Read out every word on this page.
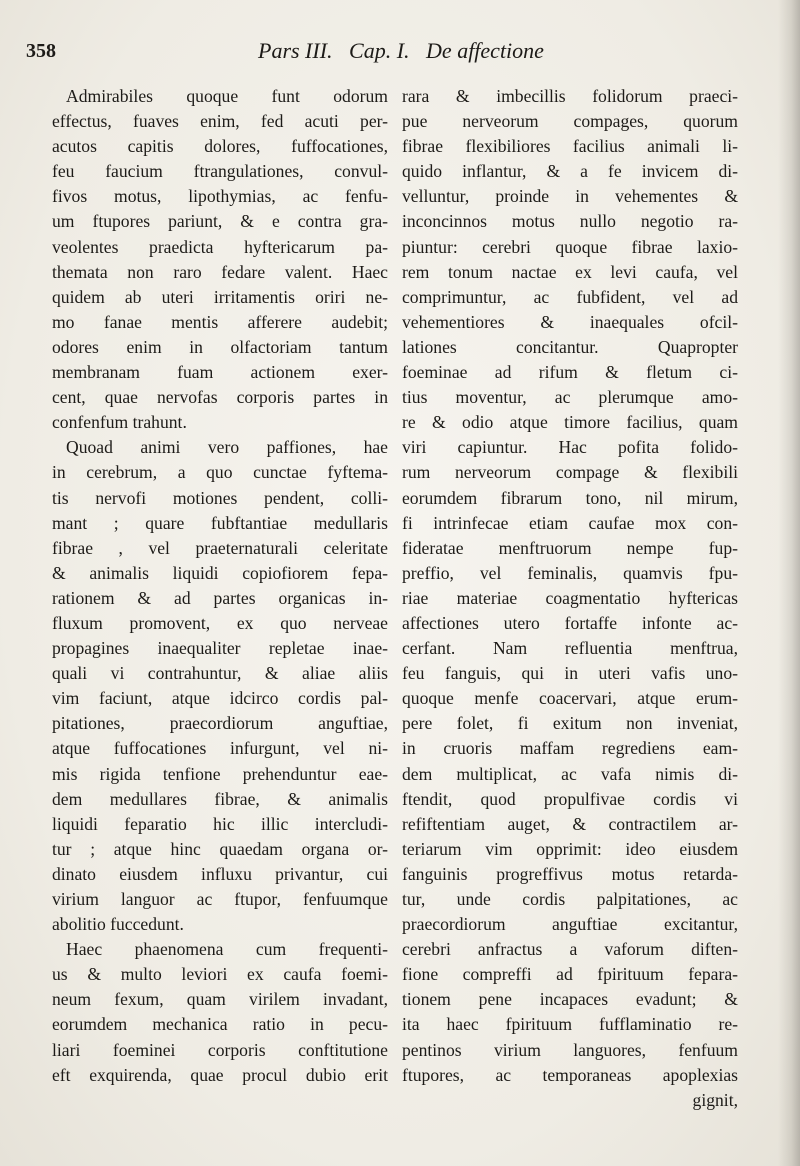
358	Pars III.   Cap. I.   De affectione
Admirabiles quoque funt odorum
effectus, fuaves enim, fed acuti per-
acutos capitis dolores, fuffocationes,
feu faucium ftrangulationes, convul-
fivos motus, lipothymias, ac fenfu-
um ftupores pariunt, & e contra gra-
veolentes praedicta hyftericarum pa-
themata non raro fedare valent. Haec
quidem ab uteri irritamentis oriri ne-
mo fanae mentis afferere audebit;
odores enim in olfactoriam tantum
membranam fuam actionem exer-
cent, quae nervofas corporis partes in
confenfum trahunt.
Quoad animi vero paffiones, hae
in cerebrum, a quo cunctae fyftema-
tis nervofi motiones pendent, colli-
mant ; quare fubftantiae medullaris
fibrae , vel praeternaturali celeritate
& animalis liquidi copiofiorem fepa-
rationem & ad partes organicas in-
fluxum promovent, ex quo nerveae
propagines inaequaliter repletae inae-
quali vi contrahuntur, & aliae aliis
vim faciunt, atque idcirco cordis pal-
pitationes, praecordiorum anguftiae,
atque fuffocationes infurgunt, vel ni-
mis rigida tenfione prehenduntur eae-
dem medullares fibrae, & animalis
liquidi feparatio hic illic intercludi-
tur ; atque hinc quaedam organa or-
dinato eiusdem influxu privantur, cui
virium languor ac ftupor, fenfuumque
abolitio fuccedunt.
Haec phaenomena cum frequenti-
us & multo leviori ex caufa foemi-
neum fexum, quam virilem invadant,
eorumdem mechanica ratio in pecu-
liari foeminei corporis conftitutione
eft exquirenda, quae procul dubio erit
rara & imbecillis folidorum praeci-
pue nerveorum compages, quorum
fibrae flexibiliores facilius animali li-
quido inflantur, & a fe invicem di-
velluntur, proinde in vehementes &
inconcinnos motus nullo negotio ra-
piuntur: cerebri quoque fibrae laxio-
rem tonum nactae ex levi caufa, vel
comprimuntur, ac fubfident, vel ad
vehementiores & inaequales ofcil-
lationes concitantur. Quapropter
foeminae ad rifum & fletum ci-
tius moventur, ac plerumque amo-
re & odio atque timore facilius, quam
viri capiuntur. Hac pofita folido-
rum nerveorum compage & flexibili
eorumdem fibrarum tono, nil mirum,
fi intrinfecae etiam caufae mox con-
fideratae menftruorum nempe fup-
preffio, vel feminalis, quamvis fpu-
riae materiae coagmentatio hyftericas
affectiones utero fortaffe infonte ac-
cerfant. Nam refluentia menftrua,
feu fanguis, qui in uteri vafis uno-
quoque menfe coacervari, atque erum-
pere folet, fi exitum non inveniat,
in cruoris maffam regrediens eam-
dem multiplicat, ac vafa nimis di-
ftendit, quod propulfivae cordis vi
refiftentiam auget, & contractilem ar-
teriarum vim opprimit: ideo eiusdem
fanguinis progreffivus motus retarda-
tur, unde cordis palpitationes, ac
praecordiorum anguftiae excitantur,
cerebri anfractus a vaforum diften-
fione compreffi ad fpirituum fepara-
tionem pene incapaces evadunt; &
ita haec fpirituum fufflaminatio re-
pentinos virium languores, fenfuum
ftupores, ac temporaneas apoplexias
gignit,
